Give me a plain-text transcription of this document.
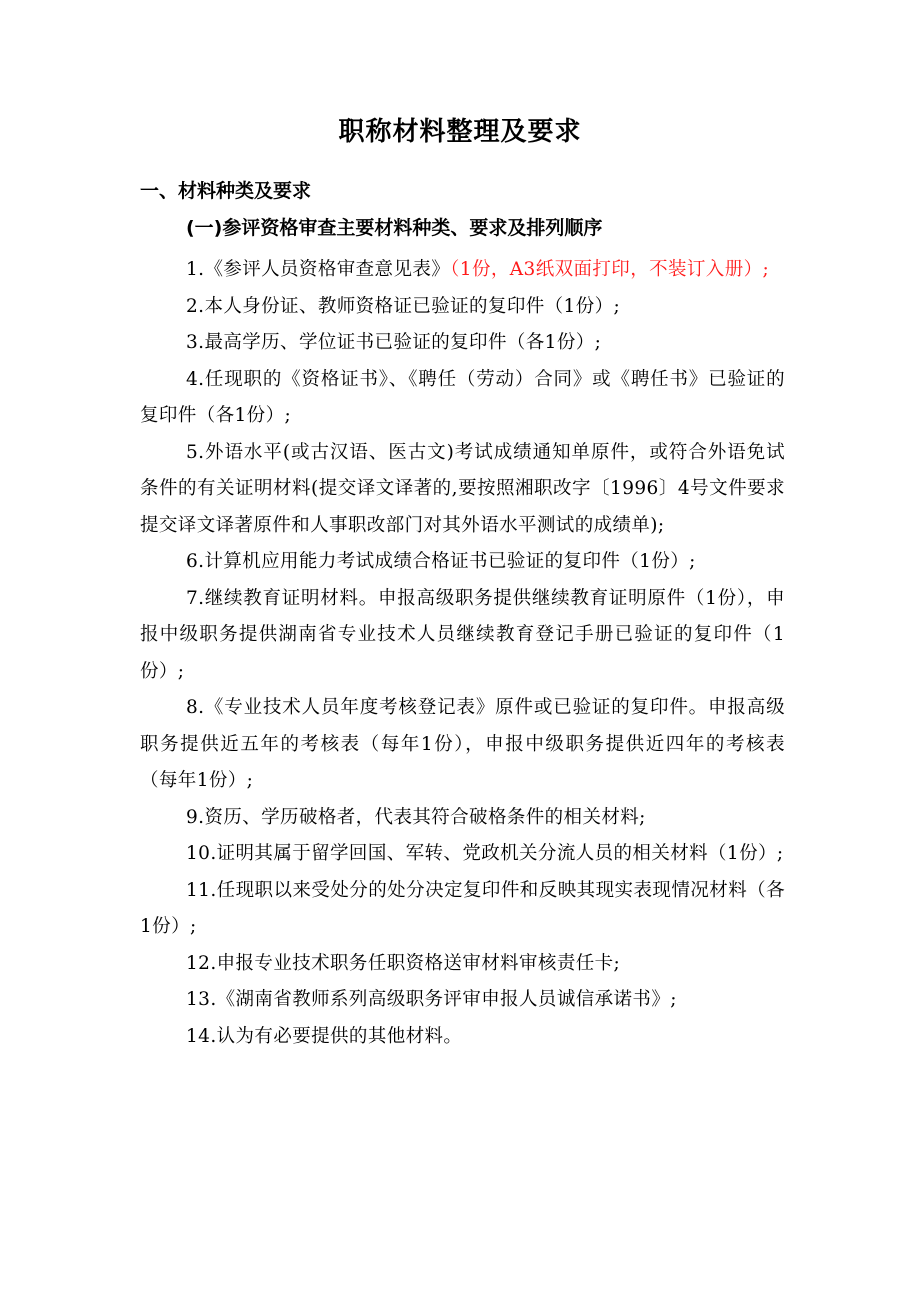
职称材料整理及要求
一、材料种类及要求
(一)参评资格审查主要材料种类、要求及排列顺序
1.《参评人员资格审查意见表》（1份，A3纸双面打印，不装订入册）;
2.本人身份证、教师资格证已验证的复印件（1份）;
3.最高学历、学位证书已验证的复印件（各1份）;
4.任现职的《资格证书》、《聘任（劳动）合同》或《聘任书》已验证的复印件（各1份）;
5.外语水平(或古汉语、医古文)考试成绩通知单原件，或符合外语免试条件的有关证明材料(提交译文译著的,要按照湘职改字〔1996〕4号文件要求提交译文译著原件和人事职改部门对其外语水平测试的成绩单);
6.计算机应用能力考试成绩合格证书已验证的复印件（1份）;
7.继续教育证明材料。申报高级职务提供继续教育证明原件（1份），申报中级职务提供湖南省专业技术人员继续教育登记手册已验证的复印件（1份）;
8.《专业技术人员年度考核登记表》原件或已验证的复印件。申报高级职务提供近五年的考核表（每年1份），申报中级职务提供近四年的考核表（每年1份）;
9.资历、学历破格者，代表其符合破格条件的相关材料;
10.证明其属于留学回国、军转、党政机关分流人员的相关材料（1份）;
11.任现职以来受处分的处分决定复印件和反映其现实表现情况材料（各1份）;
12.申报专业技术职务任职资格送审材料审核责任卡;
13.《湖南省教师系列高级职务评审申报人员诚信承诺书》;
14.认为有必要提供的其他材料。
